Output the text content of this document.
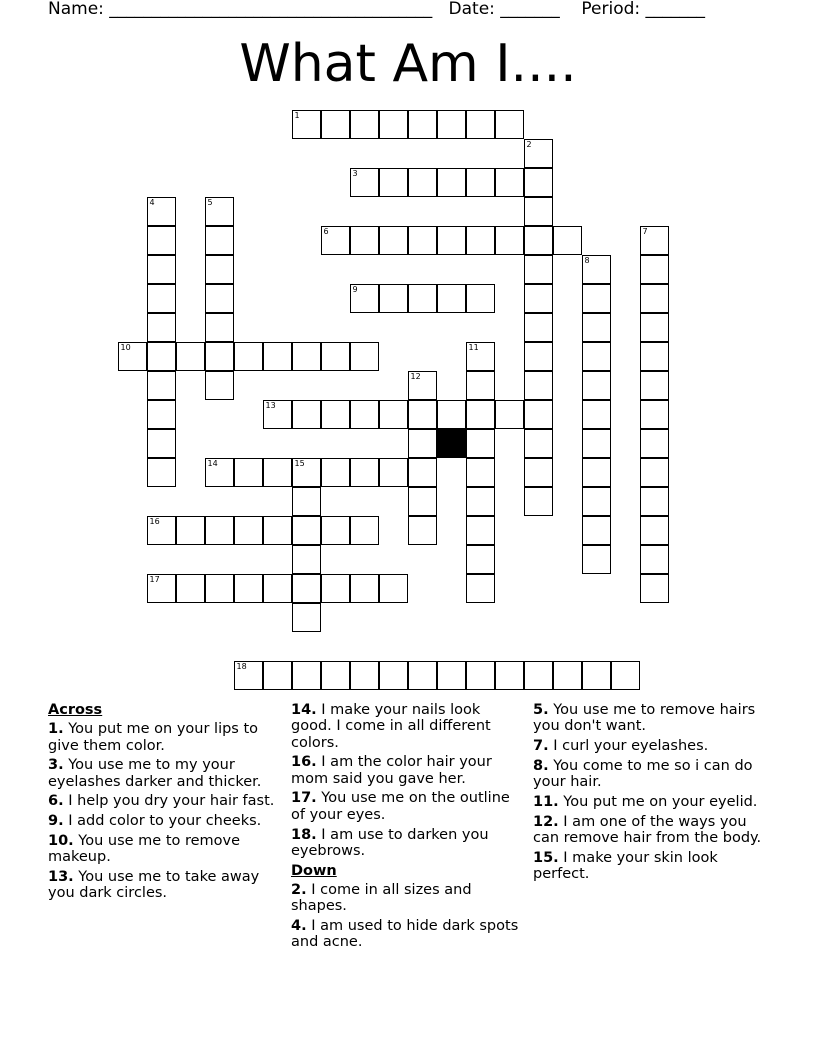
Name: ______________________________________ Date: _______ Period: _______
What Am I....
1
2
3
4	5
6	7
8
9
10	11
12
13
14	15
16
17
18
Across
1. You put me on your lips to give them color.
3. You use me to my your eyelashes darker and thicker.
6. I help you dry your hair fast.
9. I add color to your cheeks.
10. You use me to remove makeup.
13. You use me to take away you dark circles.
14. I make your nails look good. I come in all different colors.
16. I am the color hair your mom said you gave her.
17. You use me on the outline of your eyes.
18. I am use to darken you eyebrows.
Down
2. I come in all sizes and shapes.
4. I am used to hide dark spots and acne.
5. You use me to remove hairs you don't want.
7. I curl your eyelashes.
8. You come to me so i can do your hair.
11. You put me on your eyelid.
12. I am one of the ways you can remove hair from the body.
15. I make your skin look perfect.
